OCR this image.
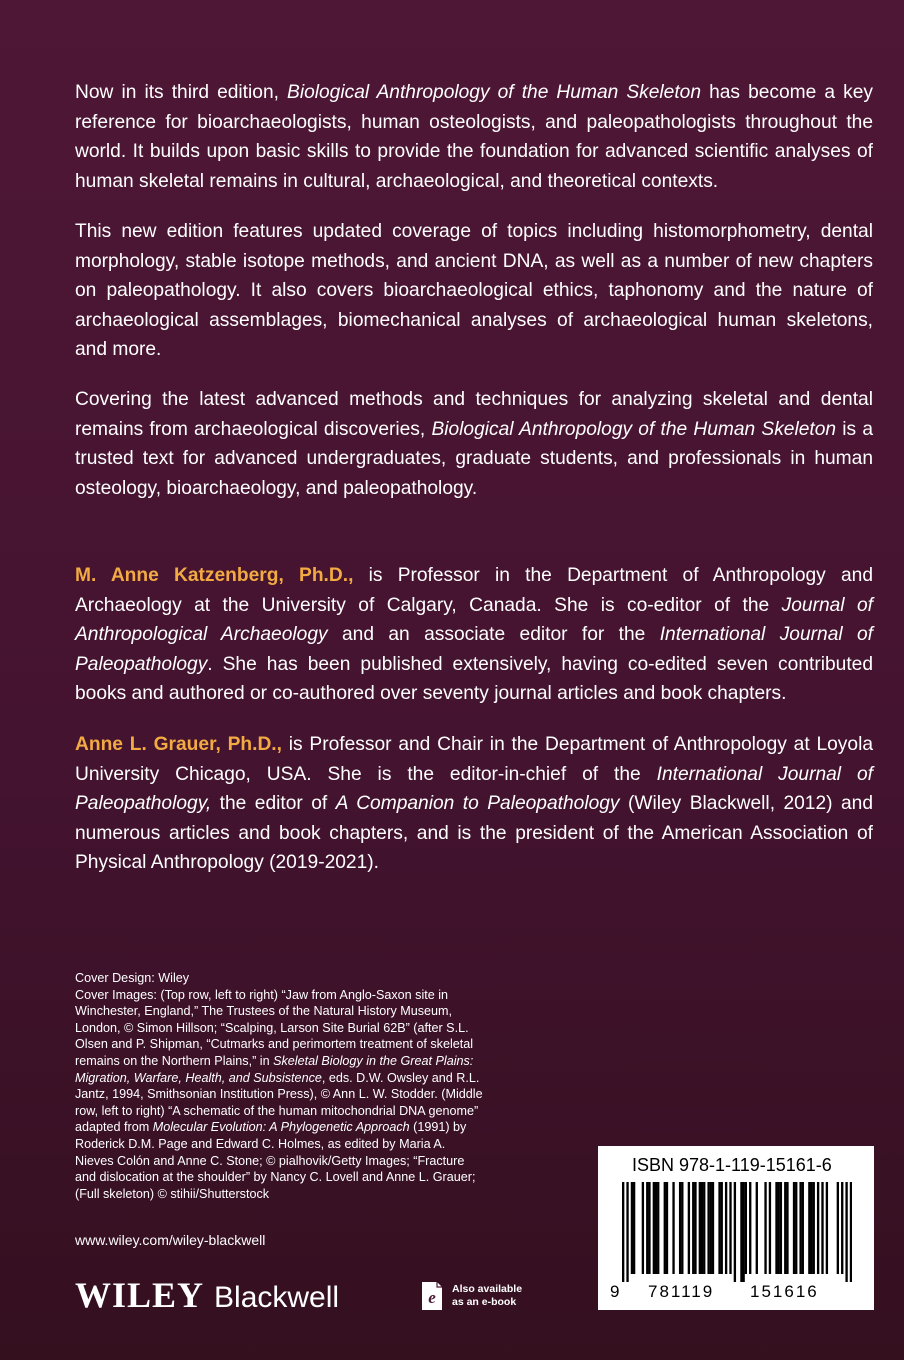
Now in its third edition, Biological Anthropology of the Human Skeleton has become a key reference for bioarchaeologists, human osteologists, and paleopathologists throughout the world. It builds upon basic skills to provide the foundation for advanced scientific analyses of human skeletal remains in cultural, archaeological, and theoretical contexts.

This new edition features updated coverage of topics including histomorphometry, dental morphology, stable isotope methods, and ancient DNA, as well as a number of new chapters on paleopathology. It also covers bioarchaeological ethics, taphonomy and the nature of archaeological assemblages, biomechanical analyses of archaeological human skeletons, and more.

Covering the latest advanced methods and techniques for analyzing skeletal and dental remains from archaeological discoveries, Biological Anthropology of the Human Skeleton is a trusted text for advanced undergraduates, graduate students, and professionals in human osteology, bioarchaeology, and paleopathology.

M. Anne Katzenberg, Ph.D., is Professor in the Department of Anthropology and Archaeology at the University of Calgary, Canada. She is co-editor of the Journal of Anthropological Archaeology and an associate editor for the International Journal of Paleopathology. She has been published extensively, having co-edited seven contributed books and authored or co-authored over seventy journal articles and book chapters.

Anne L. Grauer, Ph.D., is Professor and Chair in the Department of Anthropology at Loyola University Chicago, USA. She is the editor-in-chief of the International Journal of Paleopathology, the editor of A Companion to Paleopathology (Wiley Blackwell, 2012) and numerous articles and book chapters, and is the president of the American Association of Physical Anthropology (2019-2021).

Cover Design: Wiley
Cover Images: (Top row, left to right) “Jaw from Anglo-Saxon site in Winchester, England,” The Trustees of the Natural History Museum, London, © Simon Hillson; “Scalping, Larson Site Burial 62B” (after S.L. Olsen and P. Shipman, “Cutmarks and perimortem treatment of skeletal remains on the Northern Plains,” in Skeletal Biology in the Great Plains: Migration, Warfare, Health, and Subsistence, eds. D.W. Owsley and R.L. Jantz, 1994, Smithsonian Institution Press), © Ann L. W. Stodder. (Middle row, left to right) “A schematic of the human mitochondrial DNA genome” adapted from Molecular Evolution: A Phylogenetic Approach (1991) by Roderick D.M. Page and Edward C. Holmes, as edited by Maria A. Nieves Colón and Anne C. Stone; © pialhovik/Getty Images; “Fracture and dislocation at the shoulder” by Nancy C. Lovell and Anne L. Grauer; (Full skeleton) © stihii/Shutterstock
www.wiley.com/wiley-blackwell
WILEY Blackwell	e Also available
as an e-book
ISBN 978-1-119-15161-6
9 781119 151616
